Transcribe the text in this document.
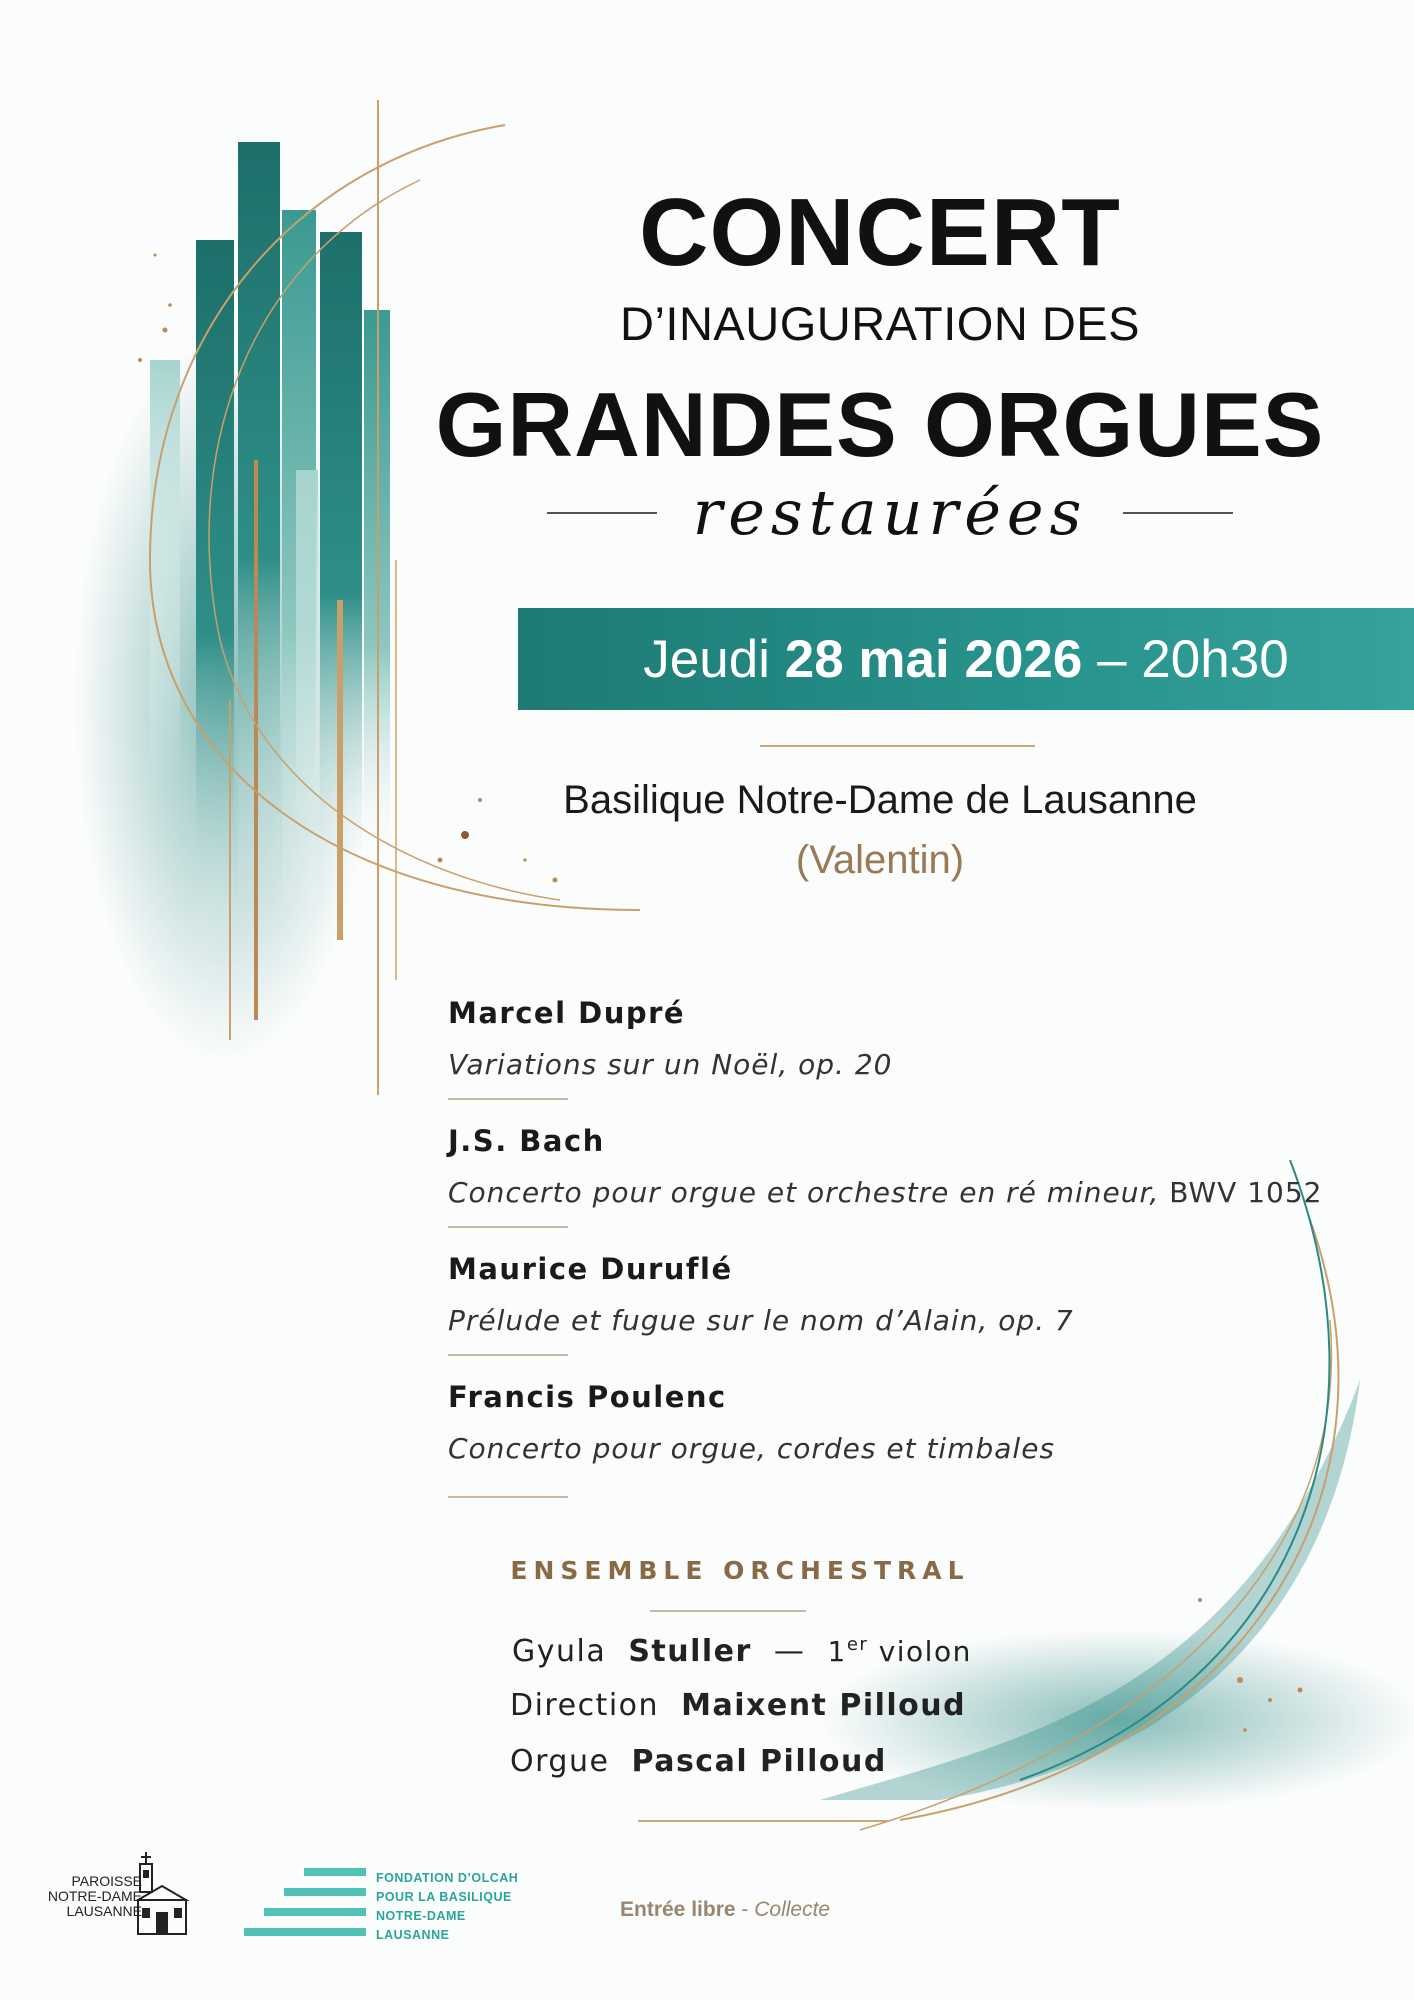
CONCERT
D’INAUGURATION DES
GRANDES ORGUES
restaurées
Jeudi 28 mai 2026 – 20h30
Basilique Notre-Dame de Lausanne
(Valentin)
Marcel Dupré
Variations sur un Noël, op. 20
J.S. Bach
Concerto pour orgue et orchestre en ré mineur, BWV 1052
Maurice Duruflé
Prélude et fugue sur le nom d’Alain, op. 7
Francis Poulenc
Concerto pour orgue, cordes et timbales
ENSEMBLE ORCHESTRAL
Gyula Stuller — 1er violon
Direction Maixent Pilloud
Orgue Pascal Pilloud
PAROISSE
NOTRE-DAME
LAUSANNE
FONDATION D’OLCAH
POUR LA BASILIQUE
NOTRE-DAME
LAUSANNE
Entrée libre - Collecte
